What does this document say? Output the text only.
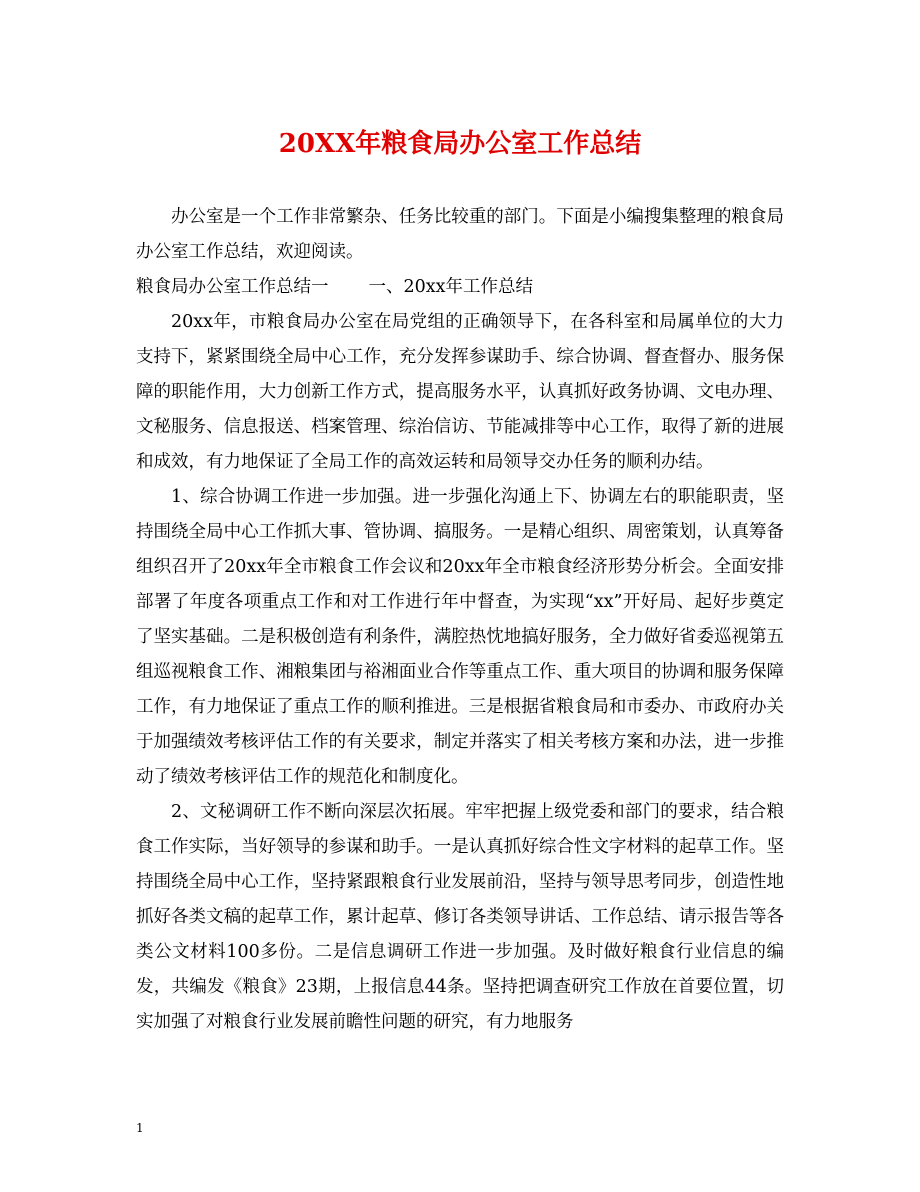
20XX年粮食局办公室工作总结

办公室是一个工作非常繁杂、任务比较重的部门。下面是小编搜集整理的粮食局办公室工作总结，欢迎阅读。

粮食局办公室工作总结一 一、20xx年工作总结

20xx年，市粮食局办公室在局党组的正确领导下，在各科室和局属单位的大力支持下，紧紧围绕全局中心工作，充分发挥参谋助手、综合协调、督查督办、服务保障的职能作用，大力创新工作方式，提高服务水平，认真抓好政务协调、文电办理、文秘服务、信息报送、档案管理、综治信访、节能减排等中心工作，取得了新的进展和成效，有力地保证了全局工作的高效运转和局领导交办任务的顺利办结。

1、综合协调工作进一步加强。进一步强化沟通上下、协调左右的职能职责，坚持围绕全局中心工作抓大事、管协调、搞服务。一是精心组织、周密策划，认真筹备组织召开了20xx年全市粮食工作会议和20xx年全市粮食经济形势分析会。全面安排部署了年度各项重点工作和对工作进行年中督查，为实现“xx”开好局、起好步奠定了坚实基础。二是积极创造有利条件，满腔热忱地搞好服务，全力做好省委巡视第五组巡视粮食工作、湘粮集团与裕湘面业合作等重点工作、重大项目的协调和服务保障工作，有力地保证了重点工作的顺利推进。三是根据省粮食局和市委办、市政府办关于加强绩效考核评估工作的有关要求，制定并落实了相关考核方案和办法，进一步推动了绩效考核评估工作的规范化和制度化。

2、文秘调研工作不断向深层次拓展。牢牢把握上级党委和部门的要求，结合粮食工作实际，当好领导的参谋和助手。一是认真抓好综合性文字材料的起草工作。坚持围绕全局中心工作，坚持紧跟粮食行业发展前沿，坚持与领导思考同步，创造性地抓好各类文稿的起草工作，累计起草、修订各类领导讲话、工作总结、请示报告等各类公文材料100多份。二是信息调研工作进一步加强。及时做好粮食行业信息的编发，共编发《粮食》23期，上报信息44条。坚持把调查研究工作放在首要位置，切实加强了对粮食行业发展前瞻性问题的研究，有力地服务

1
